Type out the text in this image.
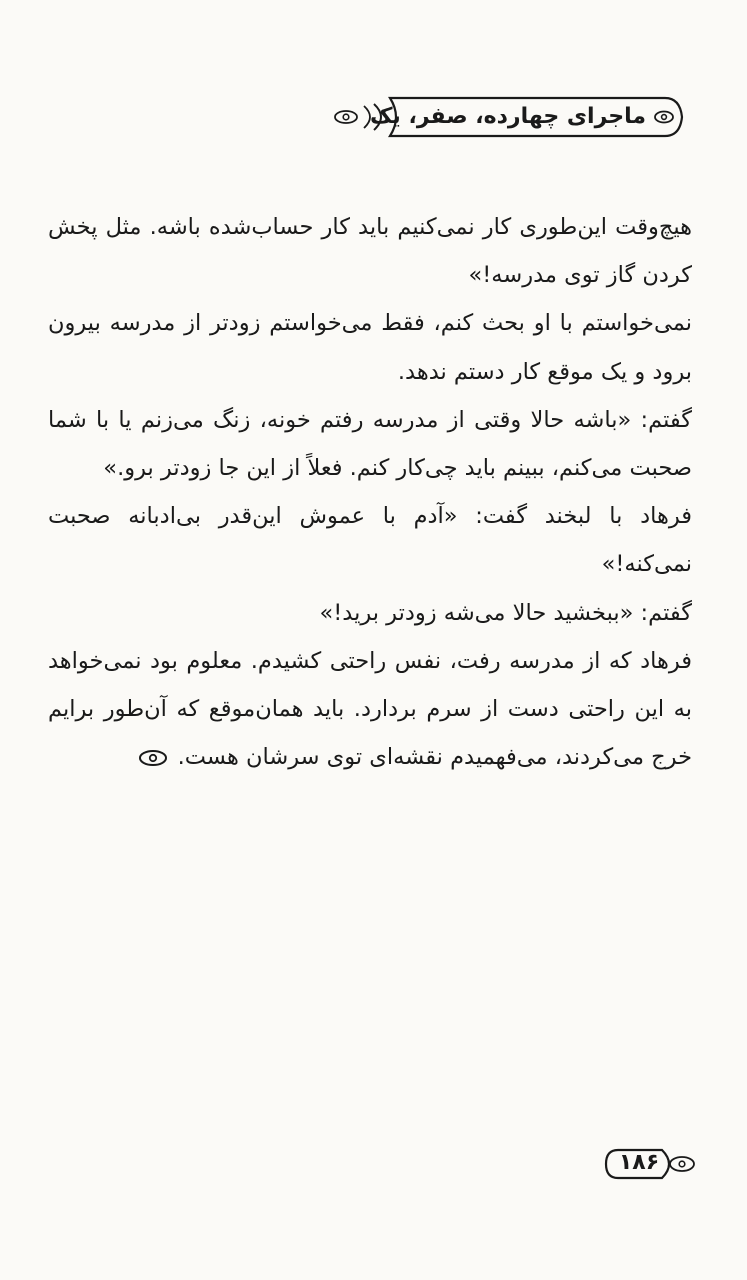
ماجرای چهارده، صفر، یک

هیچ‌وقت این‌طوری کار نمی‌کنیم باید کار حساب‌شده باشه. مثل پخش کردن گاز توی مدرسه!»

نمی‌خواستم با او بحث کنم، فقط می‌خواستم زودتر از مدرسه بیرون برود و یک موقع کار دستم ندهد.

گفتم: «باشه حالا وقتی از مدرسه رفتم خونه، زنگ می‌زنم یا با شما صحبت می‌کنم، ببینم باید چی‌کار کنم. فعلاً از این جا زودتر برو.»

فرهاد با لبخند گفت: «آدم با عموش این‌قدر بی‌ادبانه صحبت نمی‌کنه!»

گفتم: «ببخشید حالا می‌شه زودتر برید!»

فرهاد که از مدرسه رفت، نفس راحتی کشیدم. معلوم بود نمی‌خواهد به این راحتی دست از سرم بردارد. باید همان‌موقع که آن‌طور برایم خرج می‌کردند، می‌فهمیدم نقشه‌ای توی سرشان هست.

۱۸۶
